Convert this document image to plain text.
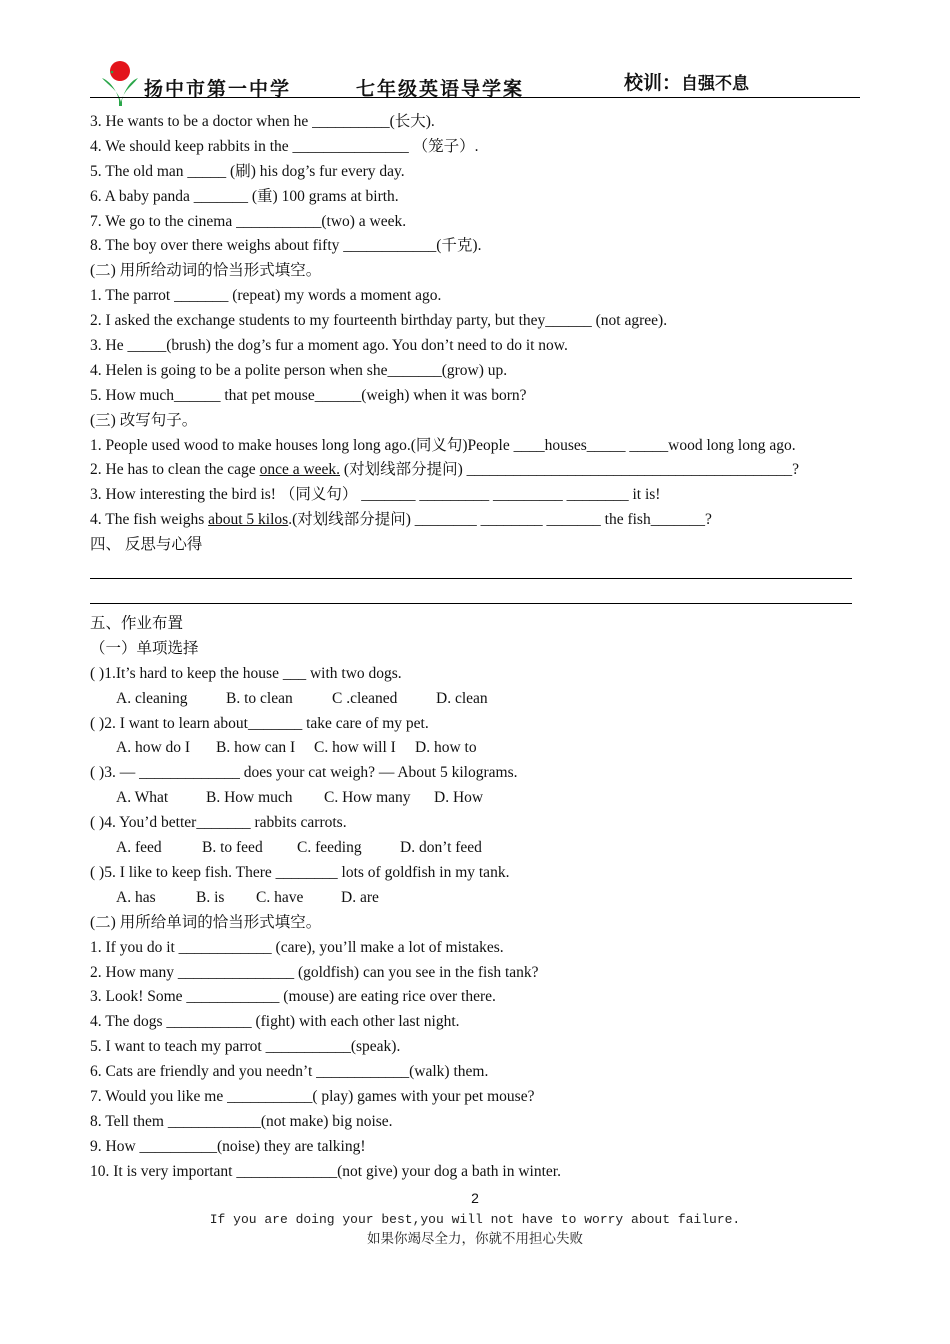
扬中市第一中学	七年级英语导学案	校训：自强不息
3. He wants to be a doctor when he __________(长大).
4. We should keep rabbits in the _______________ （笼子）.
5. The old man _____ (刷) his dog’s fur every day.
6. A baby panda _______ (重) 100 grams at birth.
7. We go to the cinema ___________(two) a week.
8. The boy over there weighs about fifty ____________(千克).
(二) 用所给动词的恰当形式填空。
1. The parrot _______ (repeat) my words a moment ago.
2. I asked the exchange students to my fourteenth birthday party, but they______ (not agree).
3. He _____(brush) the dog’s fur a moment ago. You don’t need to do it now.
4. Helen is going to be a polite person when she_______(grow) up.
5. How much______ that pet mouse______(weigh) when it was born?
(三) 改写句子。
1. People used wood to make houses long long ago.(同义句)People ____houses_____ _____wood long long ago.
2. He has to clean the cage once a week. (对划线部分提问) __________________________________________?
3. How interesting the bird is! （同义句） _______ _________ _________ ________ it is!
4. The fish weighs about 5 kilos.(对划线部分提问) ________ ________ _______ the fish_______?
四、 反思与心得
五、作业布置
（一）单项选择
( )1.It’s hard to keep the house ___ with two dogs.
A. cleaning B. to clean	C .cleaned D. clean
( )2. I want to learn about_______ take care of my pet.
A. how do I B. how can I C. how will I D. how to
( )3. — _____________ does your cat weigh? — About 5 kilograms.
A. What B. How much C. How many D. How
( )4. You’d better_______ rabbits carrots.
A. feed	B. to feed C. feeding D. don’t feed
( )5. I like to keep fish. There ________ lots of goldfish in my tank.
A. has	B. is C. have D. are
(二) 用所给单词的恰当形式填空。
1. If you do it ____________ (care), you’ll make a lot of mistakes.
2. How many _______________ (goldfish) can you see in the fish tank?
3. Look! Some ____________ (mouse) are eating rice over there.
4. The dogs ___________ (fight) with each other last night.
5. I want to teach my parrot ___________(speak).
6. Cats are friendly and you needn’t ____________(walk) them.
7. Would you like me ___________( play) games with your pet mouse?
8. Tell them ____________(not make) big noise.
9. How __________(noise) they are talking!
10. It is very important _____________(not give) your dog a bath in winter.
2
If you are doing your best,you will not have to worry about failure.
如果你竭尽全力，你就不用担心失败
